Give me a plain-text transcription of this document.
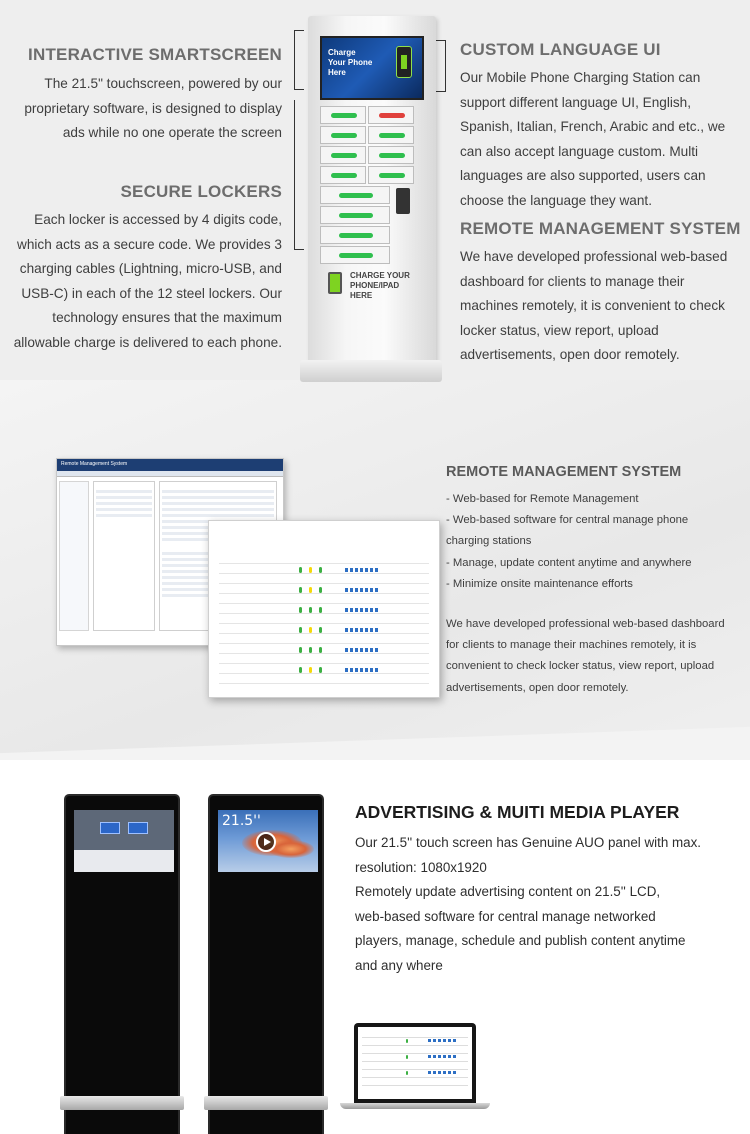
INTERACTIVE SMARTSCREEN
The 21.5" touchscreen, powered by our
proprietary software, is designed to display
ads while no one operate the screen
SECURE LOCKERS
Each locker is accessed by 4 digits code,
which acts as a secure code. We provides 3
charging cables (Lightning, micro-USB, and
USB-C) in each of the 12 steel lockers. Our
technology ensures that the maximum
allowable charge is delivered to each phone.
CUSTOM LANGUAGE UI
Our Mobile Phone Charging Station can
support different language UI, English,
Spanish, Italian, French, Arabic and etc., we
can also accept language custom. Multi
languages are also supported, users can
choose the language they want.
REMOTE MANAGEMENT SYSTEM
We have developed professional web-based
dashboard for clients to manage their
machines remotely, it is convenient to check
locker status, view report, upload
advertisements, open door remotely.
Charge
Your Phone
Here
CHARGE YOUR
PHONE/IPAD
HERE
Remote Management System	REMOTE MANAGEMENT SYSTEM
- Web-based for Remote Management
- Web-based software for central manage phone
charging stations
- Manage, update content anytime and anywhere
- Minimize onsite maintenance efforts
We have developed professional web-based dashboard
for clients to manage their machines remotely, it is
convenient to check locker status, view report, upload
advertisements, open door remotely.
21.5''	ADVERTISING & MUITI MEDIA PLAYER
Our 21.5'' touch screen has Genuine AUO panel with max.
resolution: 1080x1920
Remotely update advertising content on 21.5'' LCD,
web-based software for central manage networked
players, manage, schedule and publish content anytime
and any where
